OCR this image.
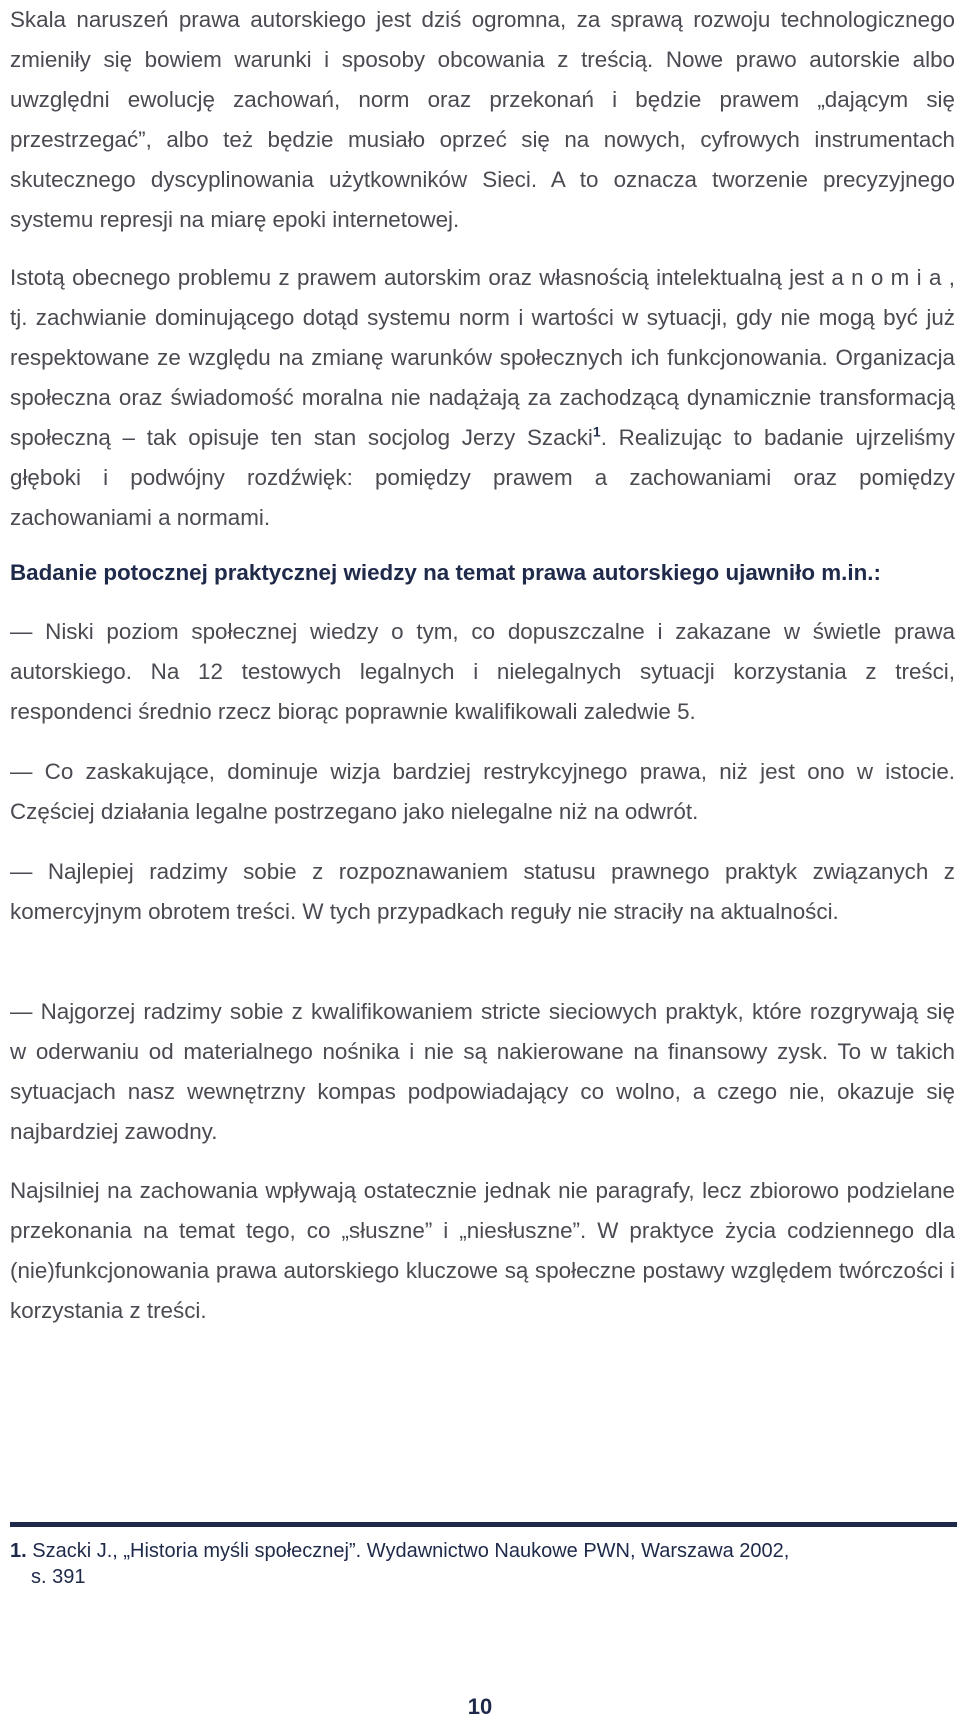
Skala naruszeń prawa autorskiego jest dziś ogromna, za sprawą rozwoju technologicznego zmieniły się bowiem warunki i sposoby obcowania z treścią. Nowe prawo autorskie albo uwzględni ewolucję zachowań, norm oraz przekonań i będzie prawem „dającym się przestrzegać”, albo też będzie musiało oprzeć się na nowych, cyfrowych instrumentach skutecznego dyscyplinowania użytkowników Sieci. A to oznacza tworzenie precyzyjnego systemu represji na miarę epoki internetowej.

Istotą obecnego problemu z prawem autorskim oraz własnością intelektualną jest a n o m i a , tj. zachwianie dominującego dotąd systemu norm i wartości w sytuacji, gdy nie mogą być już respektowane ze względu na zmianę warunków społecznych ich funkcjonowania. Organizacja społeczna oraz świadomość moralna nie nadążają za zachodzącą dynamicznie transformacją społeczną – tak opisuje ten stan socjolog Jerzy Szacki$^1$. Realizując to badanie ujrzeliśmy głęboki i podwójny rozdźwięk: pomiędzy prawem a zachowaniami oraz pomiędzy zachowaniami a normami.

Badanie potocznej praktycznej wiedzy na temat prawa autorskiego ujawniło m.in.:

— Niski poziom społecznej wiedzy o tym, co dopuszczalne i zakazane w świetle prawa autorskiego. Na 12 testowych legalnych i nielegalnych sytuacji korzystania z treści, respondenci średnio rzecz biorąc poprawnie kwalifikowali zaledwie 5.

— Co zaskakujące, dominuje wizja bardziej restrykcyjnego prawa, niż jest ono w istocie. Częściej działania legalne postrzegano jako nielegalne niż na odwrót.

— Najlepiej radzimy sobie z rozpoznawaniem statusu prawnego praktyk związanych z komercyjnym obrotem treści. W tych przypadkach reguły nie straciły na aktualności.

— Najgorzej radzimy sobie z kwalifikowaniem stricte sieciowych praktyk, które rozgrywają się w oderwaniu od materialnego nośnika i nie są nakierowane na finansowy zysk. To w takich sytuacjach nasz wewnętrzny kompas podpowiadający co wolno, a czego nie, okazuje się najbardziej zawodny.

Najsilniej na zachowania wpływają ostatecznie jednak nie paragrafy, lecz zbiorowo podzielane przekonania na temat tego, co „słuszne” i „niesłuszne”. W praktyce życia codziennego dla (nie)funkcjonowania prawa autorskiego kluczowe są społeczne postawy względem twórczości i korzystania z treści.

1. Szacki J., „Historia myśli społecznej”. Wydawnictwo Naukowe PWN, Warszawa 2002,
s. 391
10
